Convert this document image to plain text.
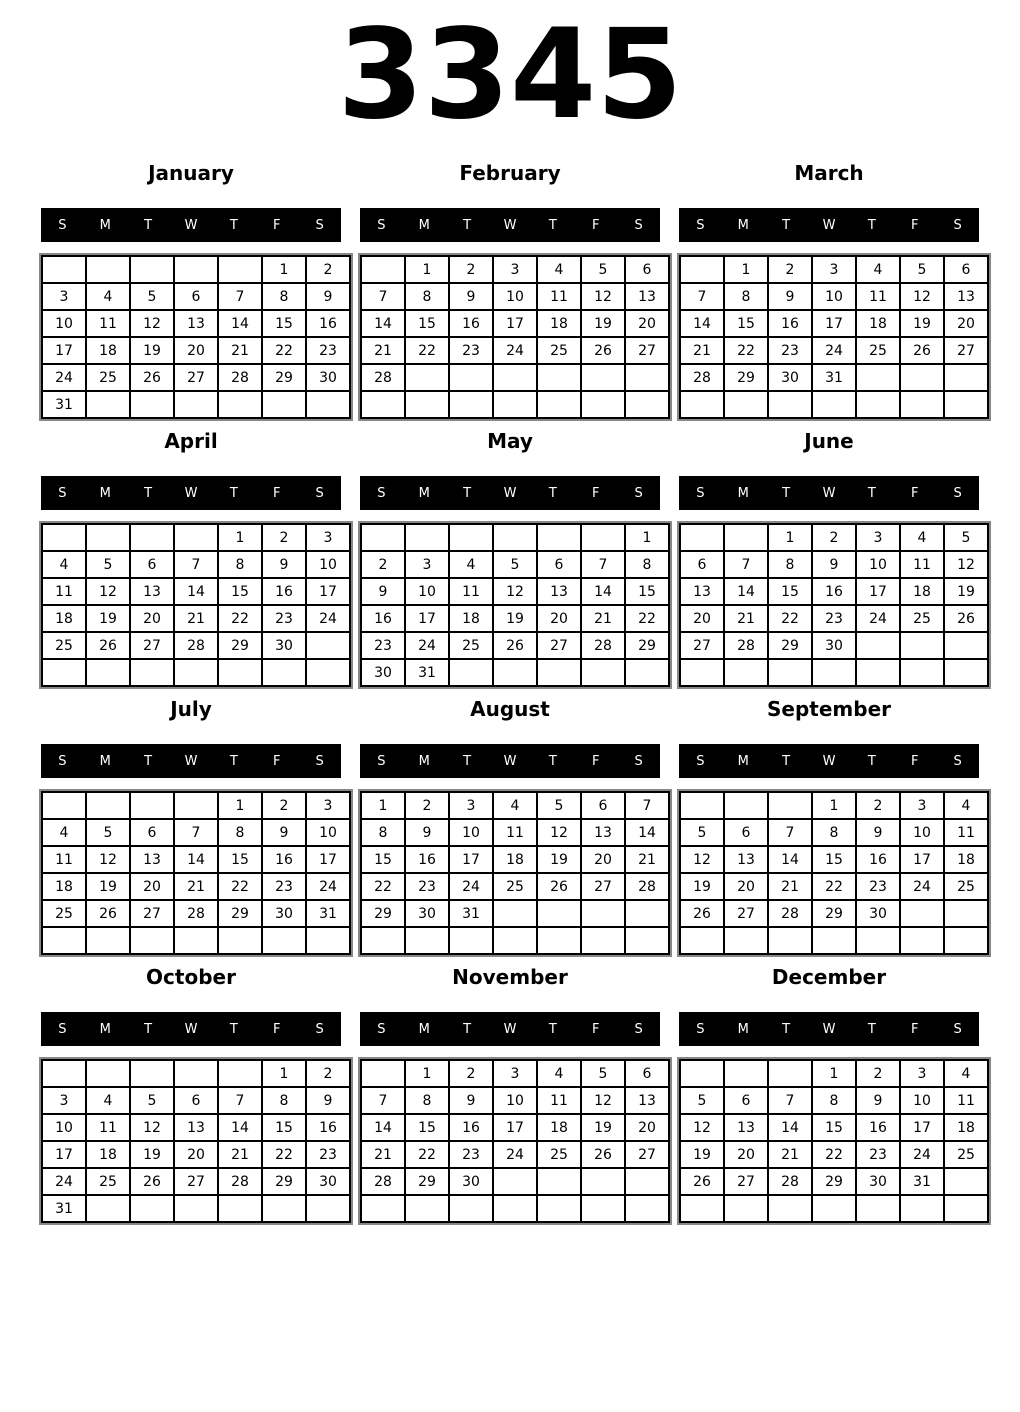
3345
January
S	M	T	W	T	F	S
					1	2
3	4	5	6	7	8	9
10	11	12	13	14	15	16
17	18	19	20	21	22	23
24	25	26	27	28	29	30
31						
February
S	M	T	W	T	F	S
	1	2	3	4	5	6
7	8	9	10	11	12	13
14	15	16	17	18	19	20
21	22	23	24	25	26	27
28						

March
S	M	T	W	T	F	S
	1	2	3	4	5	6
7	8	9	10	11	12	13
14	15	16	17	18	19	20
21	22	23	24	25	26	27
28	29	30	31			

April
S	M	T	W	T	F	S
				1	2	3
4	5	6	7	8	9	10
11	12	13	14	15	16	17
18	19	20	21	22	23	24
25	26	27	28	29	30	

May
S	M	T	W	T	F	S
						1
2	3	4	5	6	7	8
9	10	11	12	13	14	15
16	17	18	19	20	21	22
23	24	25	26	27	28	29
30	31					
June
S	M	T	W	T	F	S
		1	2	3	4	5
6	7	8	9	10	11	12
13	14	15	16	17	18	19
20	21	22	23	24	25	26
27	28	29	30			

July
S	M	T	W	T	F	S
				1	2	3
4	5	6	7	8	9	10
11	12	13	14	15	16	17
18	19	20	21	22	23	24
25	26	27	28	29	30	31

August
S	M	T	W	T	F	S
1	2	3	4	5	6	7
8	9	10	11	12	13	14
15	16	17	18	19	20	21
22	23	24	25	26	27	28
29	30	31				

September
S	M	T	W	T	F	S
			1	2	3	4
5	6	7	8	9	10	11
12	13	14	15	16	17	18
19	20	21	22	23	24	25
26	27	28	29	30		

October
S	M	T	W	T	F	S
					1	2
3	4	5	6	7	8	9
10	11	12	13	14	15	16
17	18	19	20	21	22	23
24	25	26	27	28	29	30
31						
November
S	M	T	W	T	F	S
	1	2	3	4	5	6
7	8	9	10	11	12	13
14	15	16	17	18	19	20
21	22	23	24	25	26	27
28	29	30				

December
S	M	T	W	T	F	S
			1	2	3	4
5	6	7	8	9	10	11
12	13	14	15	16	17	18
19	20	21	22	23	24	25
26	27	28	29	30	31	
